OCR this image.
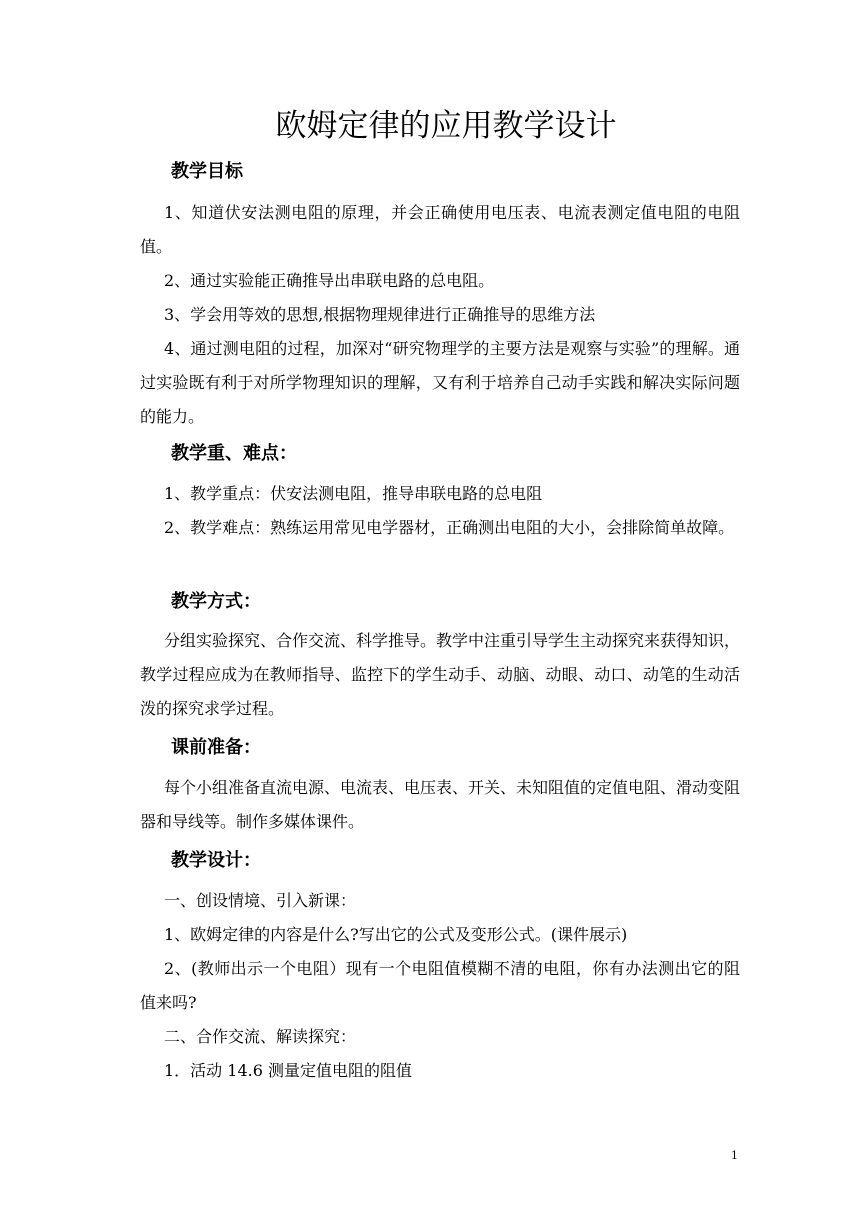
欧姆定律的应用教学设计
教学目标

1、知道伏安法测电阻的原理，并会正确使用电压表、电流表测定值电阻的电阻值。

2、通过实验能正确推导出串联电路的总电阻。

3、学会用等效的思想,根据物理规律进行正确推导的思维方法

4、通过测电阻的过程，加深对“研究物理学的主要方法是观察与实验”的理解。通过实验既有利于对所学物理知识的理解，又有利于培养自己动手实践和解决实际问题的能力。

教学重、难点：

1、教学重点：伏安法测电阻，推导串联电路的总电阻

2、教学难点：熟练运用常见电学器材，正确测出电阻的大小，会排除简单故障。

教学方式：

分组实验探究、合作交流、科学推导。教学中注重引导学生主动探究来获得知识，教学过程应成为在教师指导、监控下的学生动手、动脑、动眼、动口、动笔的生动活泼的探究求学过程。

课前准备：

每个小组准备直流电源、电流表、电压表、开关、未知阻值的定值电阻、滑动变阻器和导线等。制作多媒体课件。

教学设计：

一、创设情境、引入新课：

1、欧姆定律的内容是什么?写出它的公式及变形公式。(课件展示)

2、(教师出示一个电阻）现有一个电阻值模糊不清的电阻，你有办法测出它的阻值来吗?

二、合作交流、解读探究：

1．活动 14.6 测量定值电阻的阻值

1
